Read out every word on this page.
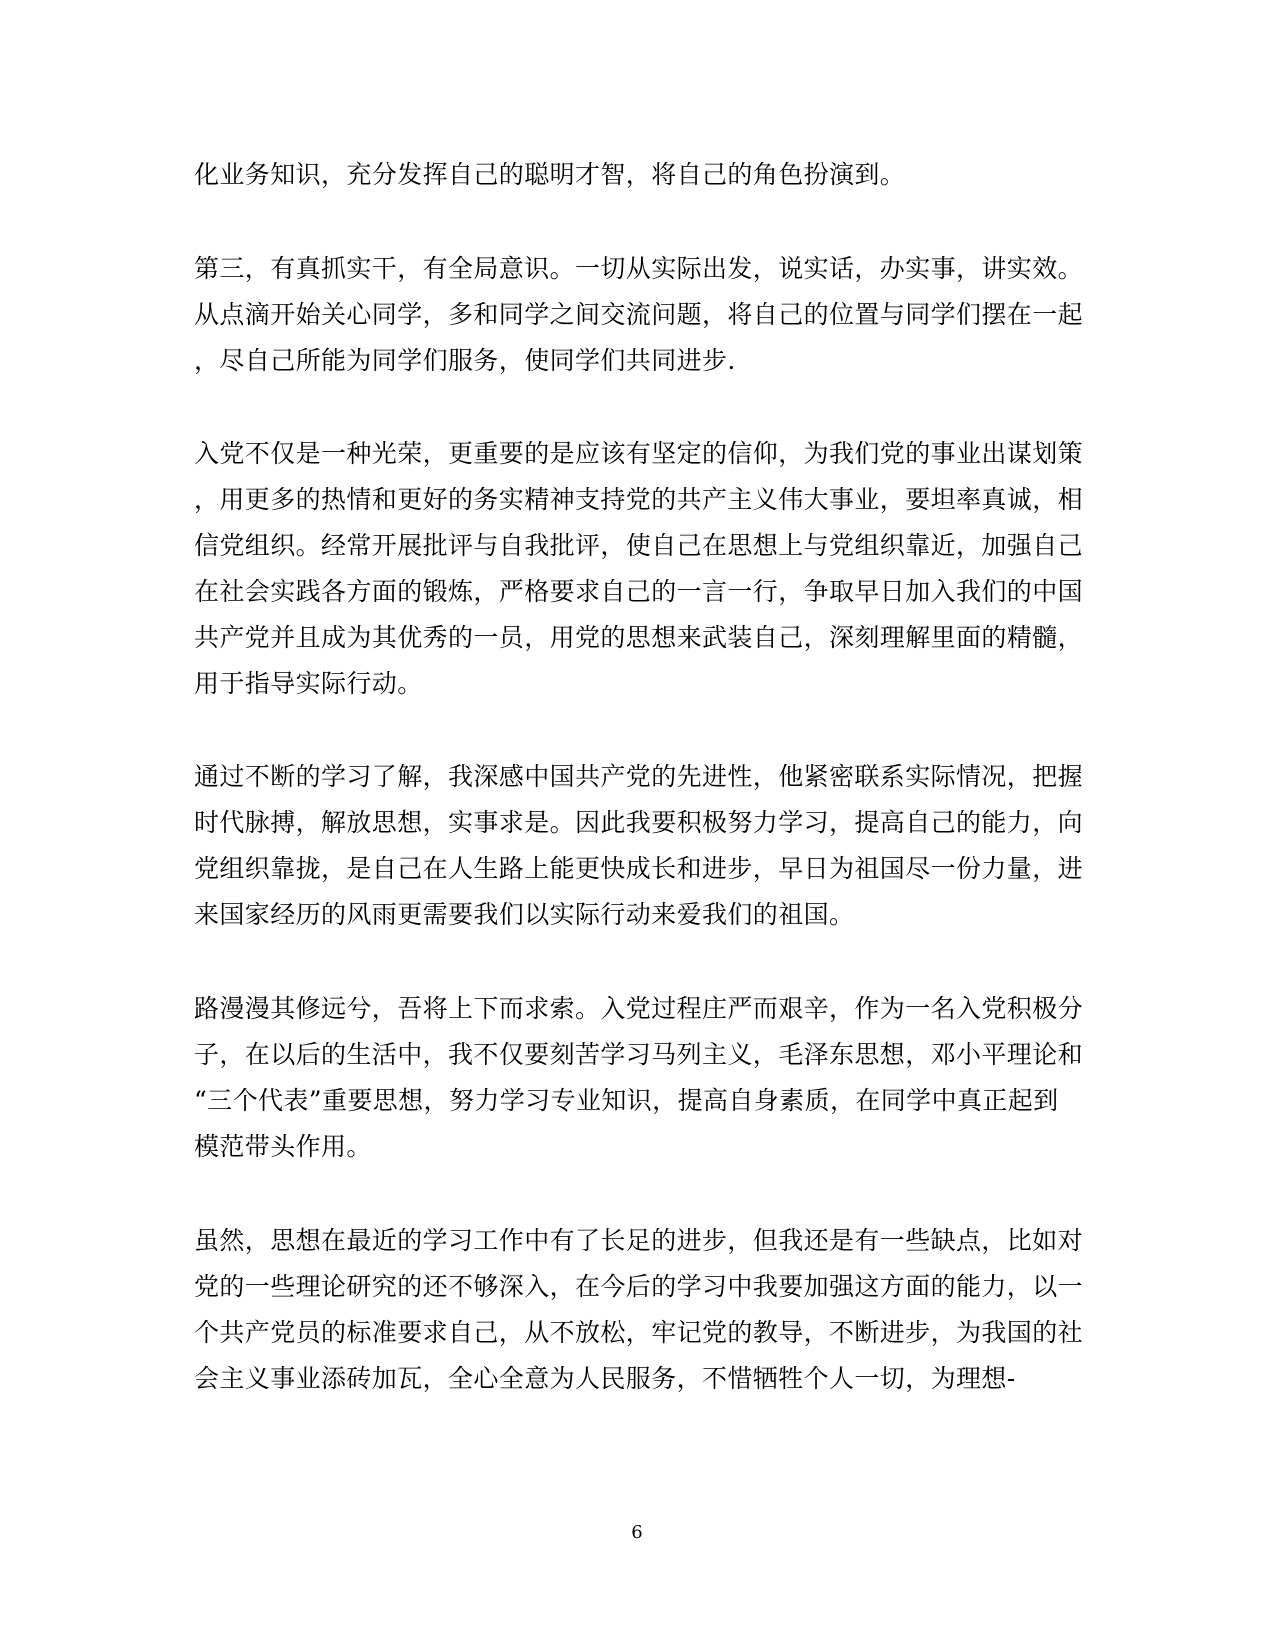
化业务知识，充分发挥自己的聪明才智，将自己的角色扮演到。
第三，有真抓实干，有全局意识。一切从实际出发，说实话，办实事，讲实效。
从点滴开始关心同学，多和同学之间交流问题，将自己的位置与同学们摆在一起
，尽自己所能为同学们服务，使同学们共同进步.
入党不仅是一种光荣，更重要的是应该有坚定的信仰，为我们党的事业出谋划策
，用更多的热情和更好的务实精神支持党的共产主义伟大事业，要坦率真诚，相
信党组织。经常开展批评与自我批评，使自己在思想上与党组织靠近，加强自己
在社会实践各方面的锻炼，严格要求自己的一言一行，争取早日加入我们的中国
共产党并且成为其优秀的一员，用党的思想来武装自己，深刻理解里面的精髓，
用于指导实际行动。
通过不断的学习了解，我深感中国共产党的先进性，他紧密联系实际情况，把握
时代脉搏，解放思想，实事求是。因此我要积极努力学习，提高自己的能力，向
党组织靠拢，是自己在人生路上能更快成长和进步，早日为祖国尽一份力量，进
来国家经历的风雨更需要我们以实际行动来爱我们的祖国。
路漫漫其修远兮，吾将上下而求索。入党过程庄严而艰辛，作为一名入党积极分
子，在以后的生活中，我不仅要刻苦学习马列主义，毛泽东思想，邓小平理论和
“三个代表”重要思想，努力学习专业知识，提高自身素质，在同学中真正起到
模范带头作用。
虽然，思想在最近的学习工作中有了长足的进步，但我还是有一些缺点，比如对
党的一些理论研究的还不够深入，在今后的学习中我要加强这方面的能力，以一
个共产党员的标准要求自己，从不放松，牢记党的教导，不断进步，为我国的社
会主义事业添砖加瓦，全心全意为人民服务，不惜牺牲个人一切，为理想-
6
